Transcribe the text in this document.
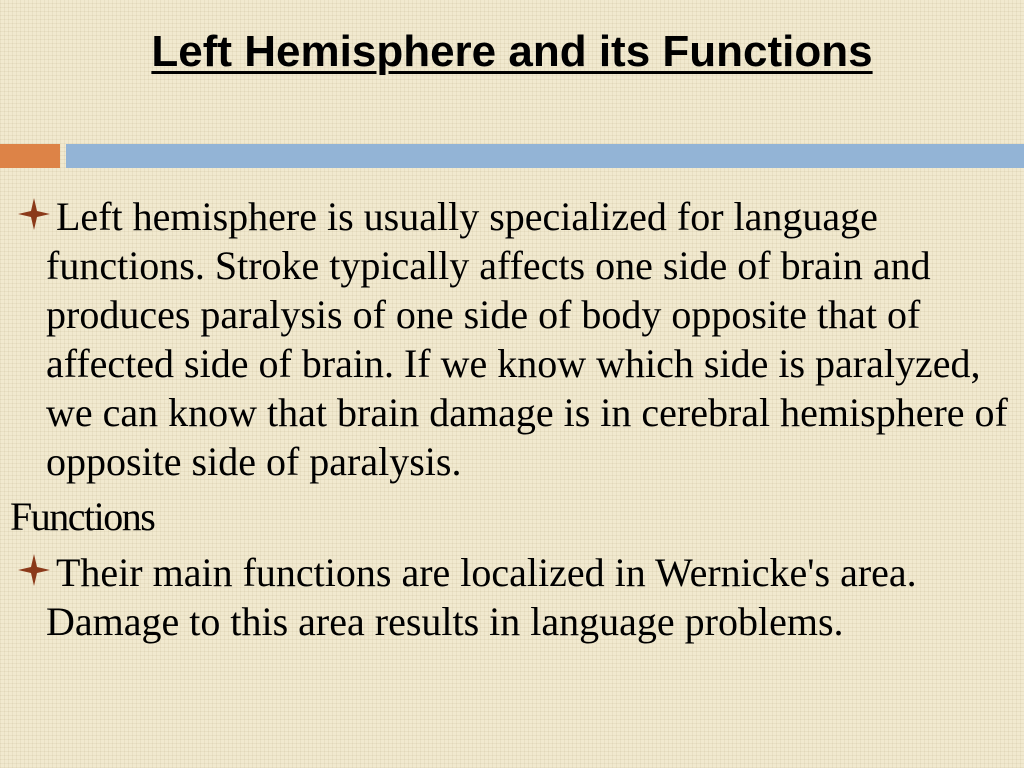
Left Hemisphere and its Functions
Left hemisphere is usually specialized for language functions. Stroke typically affects one side of brain and produces paralysis of one side of body opposite that of affected side of brain. If we know which side is paralyzed, we can know that brain damage is in cerebral hemisphere of opposite side of paralysis.
Functions
Their main functions are localized in Wernicke's area. Damage to this area results in language problems.
